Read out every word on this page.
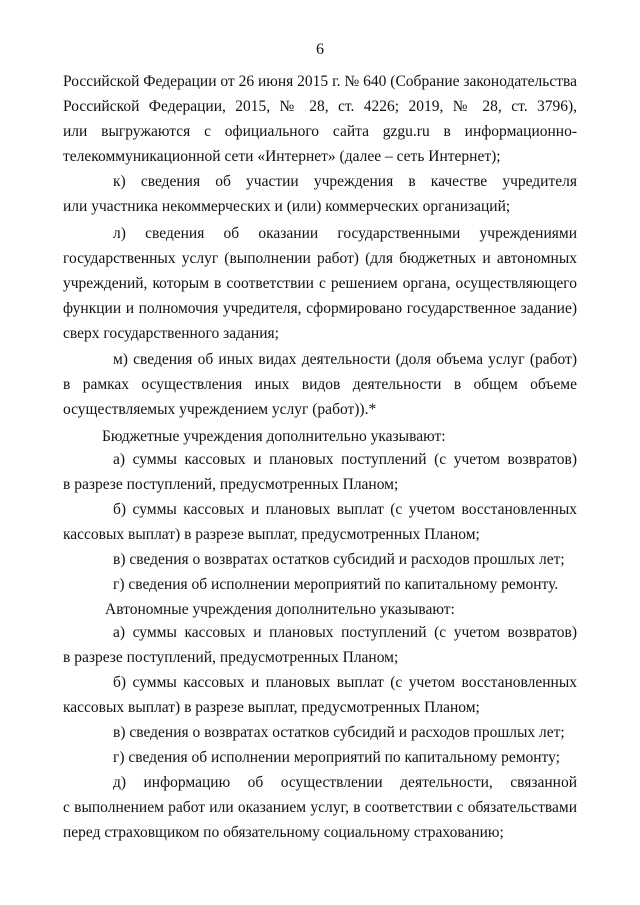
6
Российской Федерации от 26 июня 2015 г. № 640 (Собрание законодательства
Российской Федерации, 2015, № 28, ст. 4226; 2019, № 28, ст. 3796),
или выгружаются с официального сайта gzgu.ru в информационно-
телекоммуникационной сети «Интернет» (далее – сеть Интернет);
к) сведения об участии учреждения в качестве учредителя
или участника некоммерческих и (или) коммерческих организаций;
л) сведения об оказании государственными учреждениями
государственных услуг (выполнении работ) (для бюджетных и автономных
учреждений, которым в соответствии с решением органа, осуществляющего
функции и полномочия учредителя, сформировано государственное задание)
сверх государственного задания;
м) сведения об иных видах деятельности (доля объема услуг (работ)
в рамках осуществления иных видов деятельности в общем объеме
осуществляемых учреждением услуг (работ)).*
Бюджетные учреждения дополнительно указывают:
а) суммы кассовых и плановых поступлений (с учетом возвратов)
в разрезе поступлений, предусмотренных Планом;
б) суммы кассовых и плановых выплат (с учетом восстановленных
кассовых выплат) в разрезе выплат, предусмотренных Планом;
в) сведения о возвратах остатков субсидий и расходов прошлых лет;
г) сведения об исполнении мероприятий по капитальному ремонту.
Автономные учреждения дополнительно указывают:
а) суммы кассовых и плановых поступлений (с учетом возвратов)
в разрезе поступлений, предусмотренных Планом;
б) суммы кассовых и плановых выплат (с учетом восстановленных
кассовых выплат) в разрезе выплат, предусмотренных Планом;
в) сведения о возвратах остатков субсидий и расходов прошлых лет;
г) сведения об исполнении мероприятий по капитальному ремонту;
д) информацию об осуществлении деятельности, связанной
с выполнением работ или оказанием услуг, в соответствии с обязательствами
перед страховщиком по обязательному социальному страхованию;
